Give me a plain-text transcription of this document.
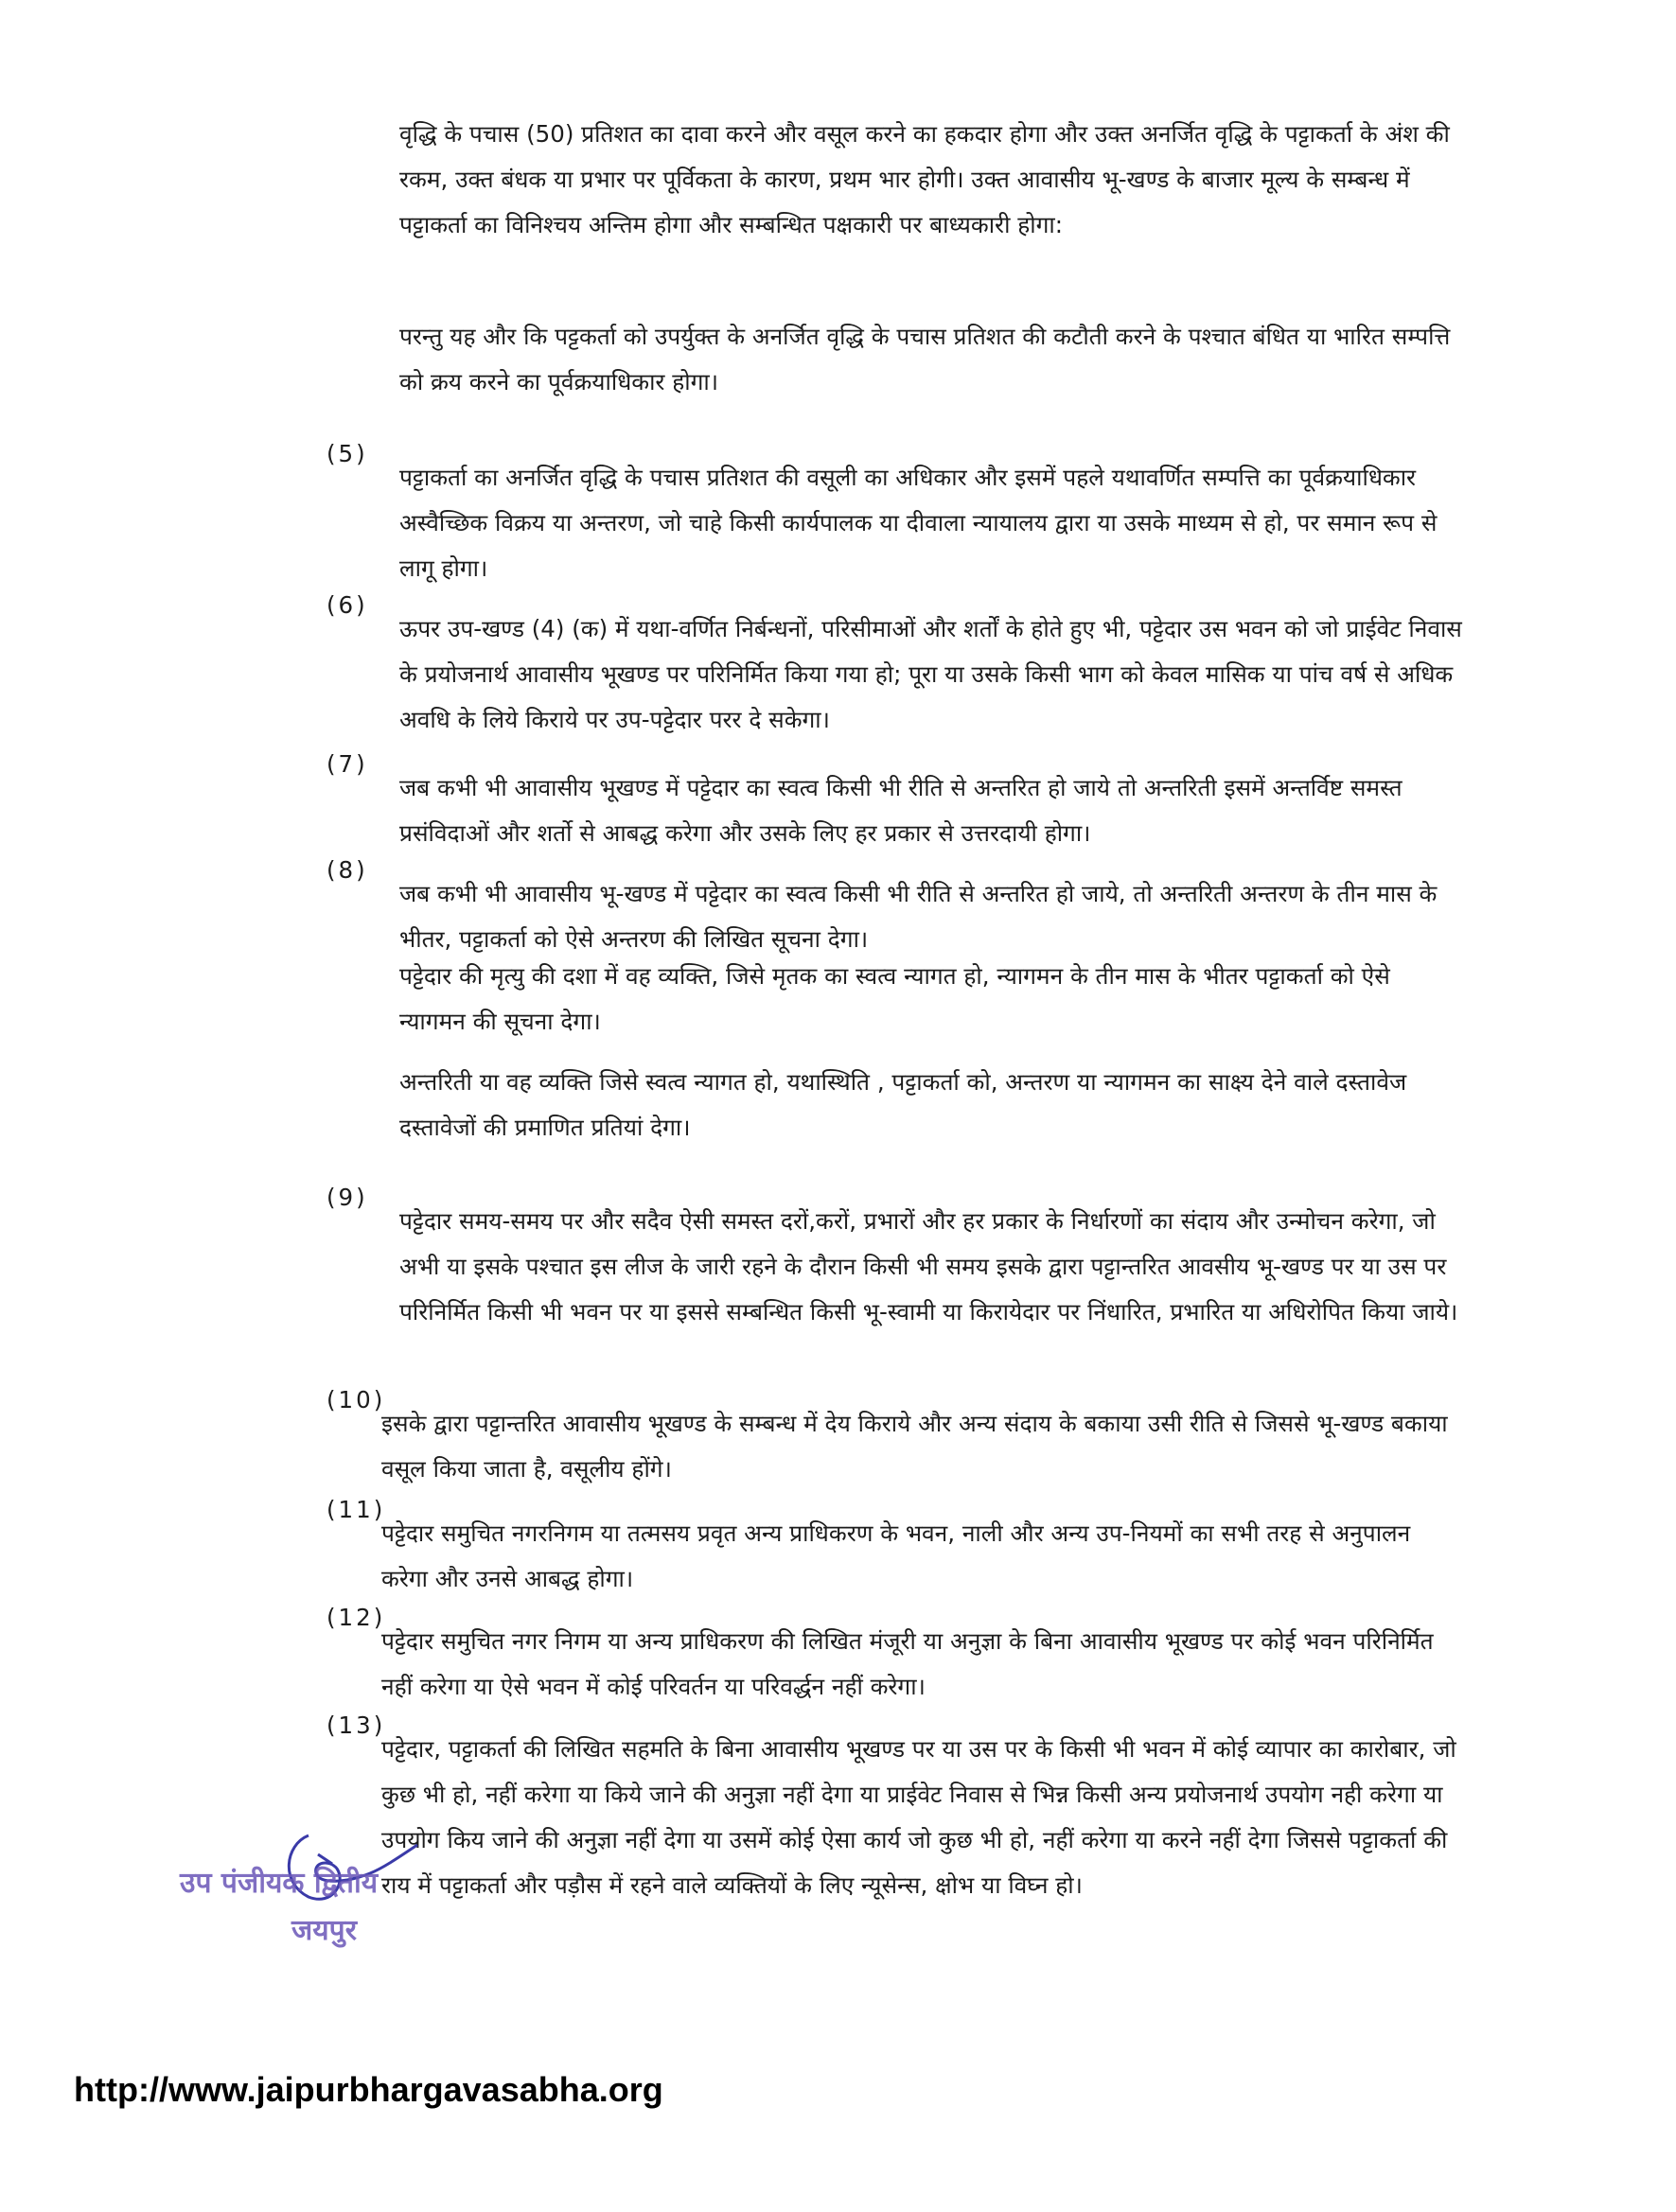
वृद्धि के पचास (50) प्रतिशत का दावा करने और वसूल करने का हकदार होगा और उक्त अनर्जित वृद्धि के पट्टाकर्ता के अंश की रकम, उक्त बंधक या प्रभार पर पूर्विकता के कारण, प्रथम भार होगी। उक्त आवासीय भू-खण्ड के बाजार मूल्य के सम्बन्ध में पट्टाकर्ता का विनिश्चय अन्तिम होगा और सम्बन्धित पक्षकारी पर बाध्यकारी होगा:

परन्तु यह और कि पट्टकर्ता को उपर्युक्त के अनर्जित वृद्धि के पचास प्रतिशत की कटौती करने के पश्चात बंधित या भारित सम्पत्ति को क्रय करने का पूर्वक्रयाधिकार होगा।

(5)

पट्टाकर्ता का अनर्जित वृद्धि के पचास प्रतिशत की वसूली का अधिकार और इसमें पहले यथावर्णित सम्पत्ति का पूर्वक्रयाधिकार अस्वैच्छिक विक्रय या अन्तरण, जो चाहे किसी कार्यपालक या दीवाला न्यायालय द्वारा या उसके माध्यम से हो, पर समान रूप से लागू होगा।

(6)

ऊपर उप-खण्ड (4) (क) में यथा-वर्णित निर्बन्धनों, परिसीमाओं और शर्तों के होते हुए भी, पट्टेदार उस भवन को जो प्राईवेट निवास के प्रयोजनार्थ आवासीय भूखण्ड पर परिनिर्मित किया गया हो; पूरा या उसके किसी भाग को केवल मासिक या पांच वर्ष से अधिक अवधि के लिये किराये पर उप-पट्टेदार परर दे सकेगा।

(7)

जब कभी भी आवासीय भूखण्ड में पट्टेदार का स्वत्व किसी भी रीति से अन्तरित हो जाये तो अन्तरिती इसमें अन्तर्विष्ट समस्त प्रसंविदाओं और शर्तो से आबद्ध करेगा और उसके लिए हर प्रकार से उत्तरदायी होगा।

(8)

जब कभी भी आवासीय भू-खण्ड में पट्टेदार का स्वत्व किसी भी रीति से अन्तरित हो जाये, तो अन्तरिती अन्तरण के तीन मास के भीतर, पट्टाकर्ता को ऐसे अन्तरण की लिखित सूचना देगा।

पट्टेदार की मृत्यु की दशा में वह व्यक्ति, जिसे मृतक का स्वत्व न्यागत हो, न्यागमन के तीन मास के भीतर पट्टाकर्ता को ऐसे न्यागमन की सूचना देगा।

अन्तरिती या वह व्यक्ति जिसे स्वत्व न्यागत हो, यथास्थिति , पट्टाकर्ता को, अन्तरण या न्यागमन का साक्ष्य देने वाले दस्तावेज दस्तावेजों की प्रमाणित प्रतियां देगा।

(9)

पट्टेदार समय-समय पर और सदैव ऐसी समस्त दरों,करों, प्रभारों और हर प्रकार के निर्धारणों का संदाय और उन्मोचन करेगा, जो अभी या इसके पश्चात इस लीज के जारी रहने के दौरान किसी भी समय इसके द्वारा पट्टान्तरित आवसीय भू-खण्ड पर या उस पर परिनिर्मित किसी भी भवन पर या इससे सम्बन्धित किसी भू-स्वामी या किरायेदार पर निंधारित, प्रभारित या अधिरोपित किया जाये।

(10)

इसके द्वारा पट्टान्तरित आवासीय भूखण्ड के सम्बन्ध में देय किराये और अन्य संदाय के बकाया उसी रीति से जिससे भू-खण्ड बकाया वसूल किया जाता है, वसूलीय होंगे।

(11)

पट्टेदार समुचित नगरनिगम या तत्मसय प्रवृत अन्य प्राधिकरण के भवन, नाली और अन्य उप-नियमों का सभी तरह से अनुपालन करेगा और उनसे आबद्ध होगा।

(12)

पट्टेदार समुचित नगर निगम या अन्य प्राधिकरण की लिखित मंजूरी या अनुज्ञा के बिना आवासीय भूखण्ड पर कोई भवन परिनिर्मित नहीं करेगा या ऐसे भवन में कोई परिवर्तन या परिवर्द्धन नहीं करेगा।

(13)

पट्टेदार, पट्टाकर्ता की लिखित सहमति के बिना आवासीय भूखण्ड पर या उस पर के किसी भी भवन में कोई व्यापार का कारोबार, जो कुछ भी हो, नहीं करेगा या किये जाने की अनुज्ञा नहीं देगा या प्राईवेट निवास से भिन्न किसी अन्य प्रयोजनार्थ उपयोग नही करेगा या उपयोग किय जाने की अनुज्ञा नहीं देगा या उसमें कोई ऐसा कार्य जो कुछ भी हो, नहीं करेगा या करने नहीं देगा जिससे पट्टाकर्ता की राय में पट्टाकर्ता और पड़ौस में रहने वाले व्यक्तियों के लिए न्यूसेन्स, क्षोभ या विघ्न हो।

उप पंजीयक द्वितीय
जयपुर
http://www.jaipurbhargavasabha.org
